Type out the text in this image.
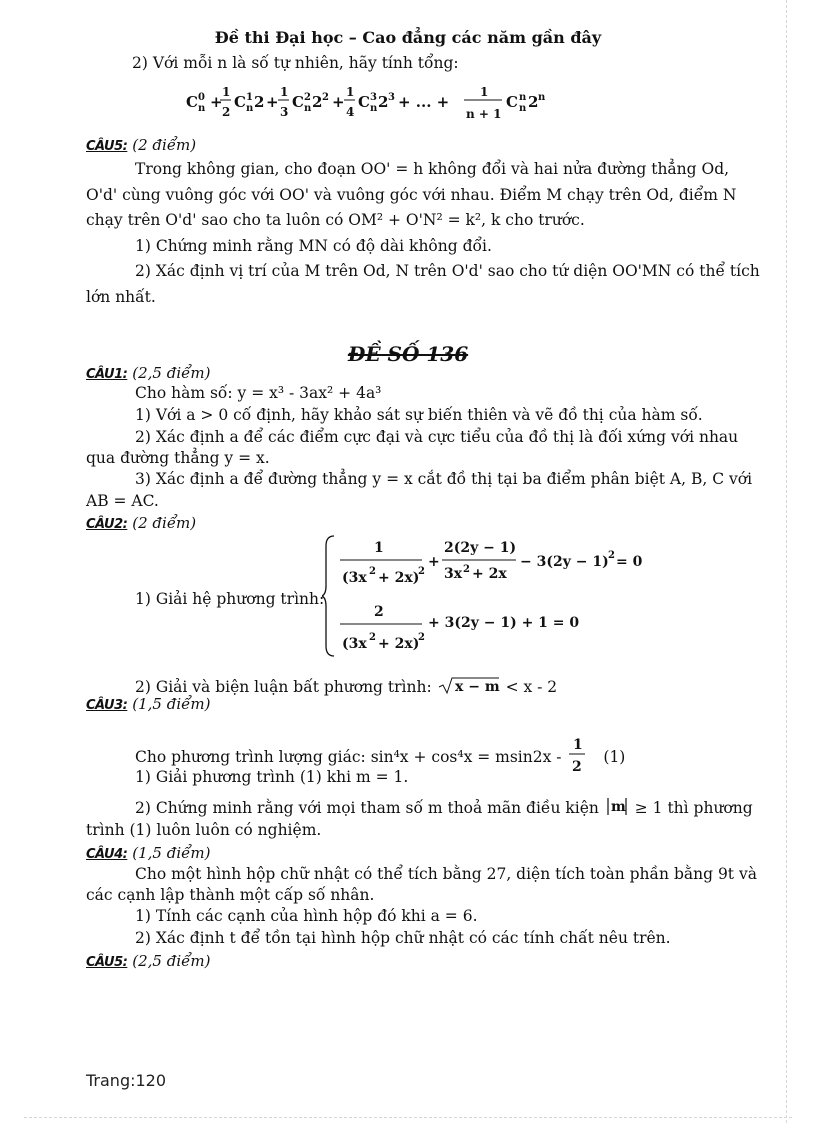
Đề thi Đại học – Cao đẳng các năm gần đây
2) Với mỗi n là số tự nhiên, hãy tính tổng:
C 0
n +
1
2
C 1
n 2 +
1
3
C 2
n 2 2 +
1
4
C 3
n 2 3 + ... +
1
n + 1
C n
n 2 n
CÂU5: (2 điểm)
Trong không gian, cho đoạn OO' = h không đổi và hai nửa đường thẳng Od,
O'd' cùng vuông góc với OO' và vuông góc với nhau. Điểm M chạy trên Od, điểm N
chạy trên O'd' sao cho ta luôn có OM² + O'N² = k², k cho trước.
1) Chứng minh rằng MN có độ dài không đổi.
2) Xác định vị trí của M trên Od, N trên O'd' sao cho tứ diện OO'MN có thể tích
lớn nhất.
ĐỀ SỐ 136
CÂU1: (2,5 điểm)
Cho hàm số: y = x³ - 3ax² + 4a³
1) Với a > 0 cố định, hãy khảo sát sự biến thiên và vẽ đồ thị của hàm số.
2) Xác định a để các điểm cực đại và cực tiểu của đồ thị là đối xứng với nhau
qua đường thẳng y = x.
3) Xác định a để đường thẳng y = x cắt đồ thị tại ba điểm phân biệt A, B, C với
AB = AC.
CÂU2: (2 điểm)
1) Giải hệ phương trình:
1
(3x 2 + 2x)
2
+
2(2y − 1)
3x 2 + 2x
− 3(2y − 1) 2 = 0
2
(3x 2 + 2x)
2
+ 3(2y − 1) + 1 = 0
2) Giải và biện luận bất phương trình: x − m < x - 2
CÂU3: (1,5 điểm)
Cho phương trình lượng giác: sin⁴x + cos⁴x = msin2x -
1
2
(1)
1) Giải phương trình (1) khi m = 1.
2) Chứng minh rằng với mọi tham số m thoả mãn điều kiện m ≥ 1 thì phương
trình (1) luôn luôn có nghiệm.
CÂU4: (1,5 điểm)
Cho một hình hộp chữ nhật có thể tích bằng 27, diện tích toàn phần bằng 9t và
các cạnh lập thành một cấp số nhân.
1) Tính các cạnh của hình hộp đó khi a = 6.
2) Xác định t để tồn tại hình hộp chữ nhật có các tính chất nêu trên.
CÂU5: (2,5 điểm)
Trang:120
